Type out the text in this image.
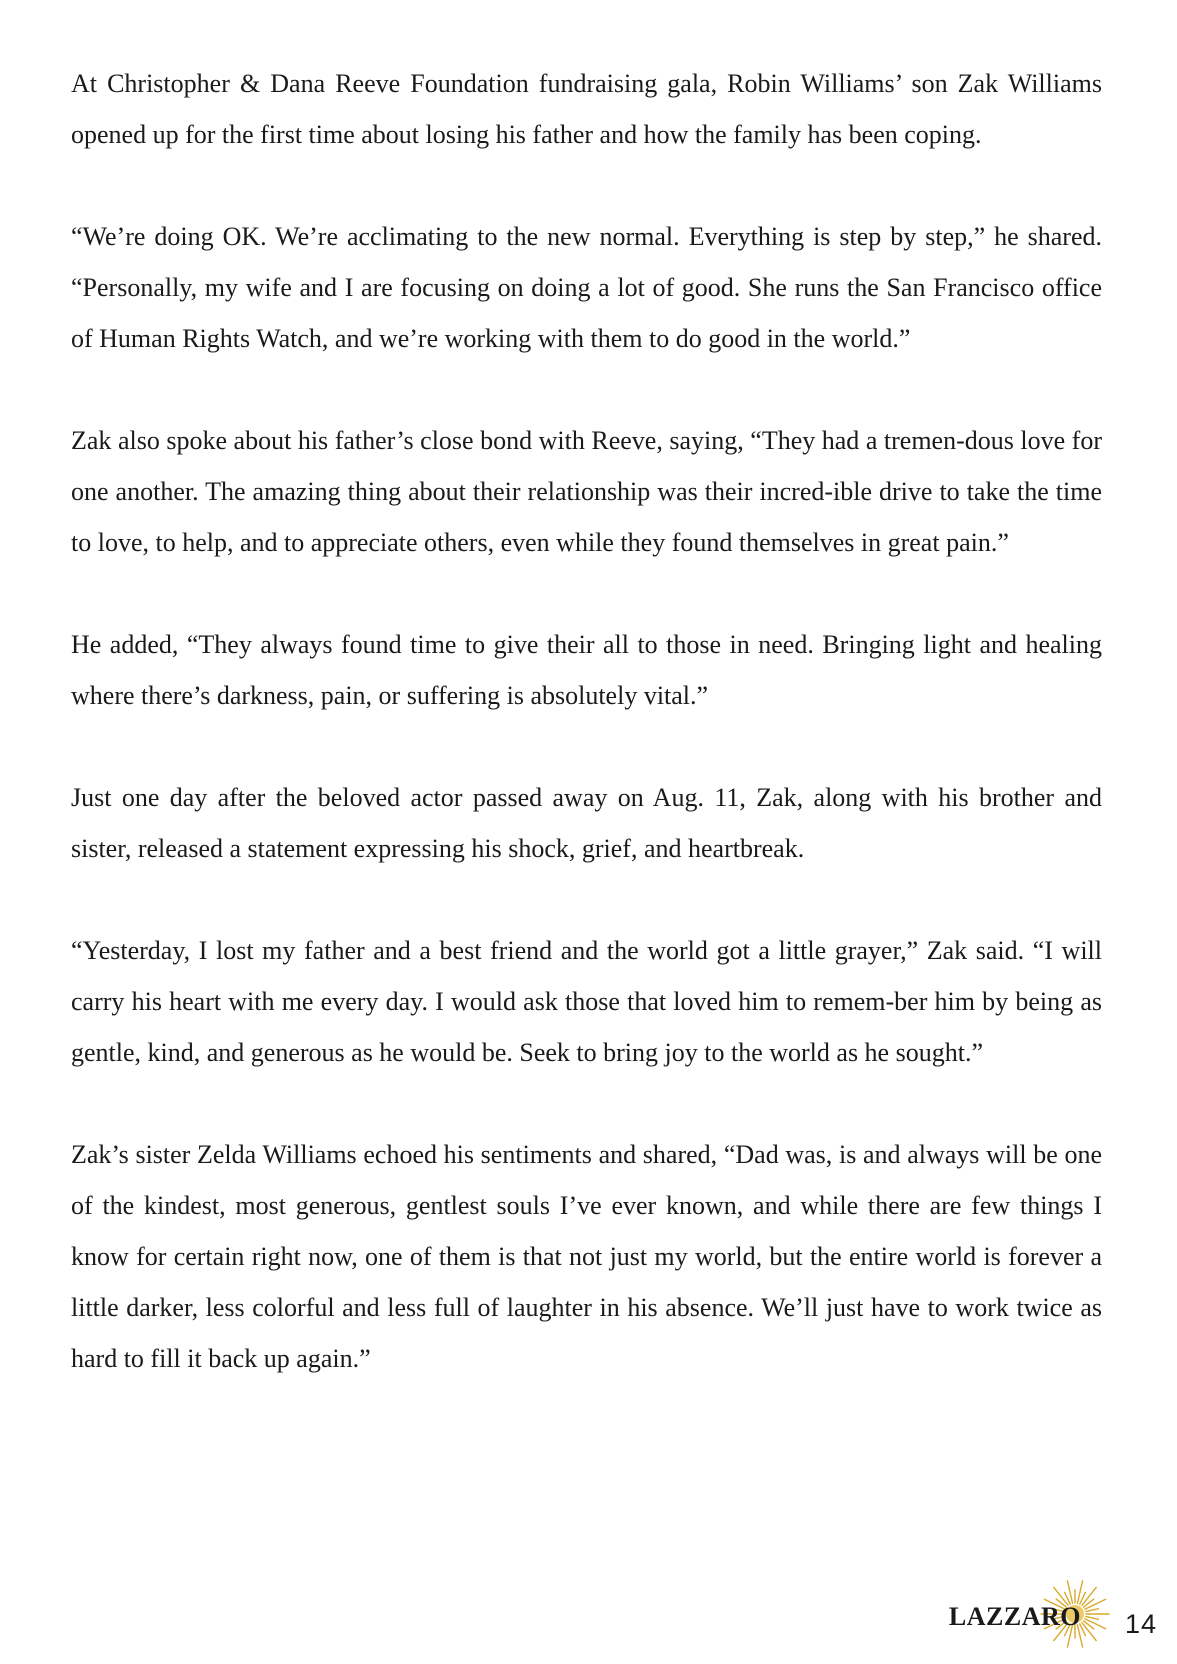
At Christopher & Dana Reeve Foundation fundraising gala, Robin Williams’ son Zak Williams opened up for the first time about losing his father and how the family has been coping.

“We’re doing OK. We’re acclimating to the new normal. Everything is step by step,” he shared. “Personally, my wife and I are focusing on doing a lot of good. She runs the San Francisco office of Human Rights Watch, and we’re working with them to do good in the world.”

Zak also spoke about his father’s close bond with Reeve, saying, “They had a tremen-dous love for one another. The amazing thing about their relationship was their incred-ible drive to take the time to love, to help, and to appreciate others, even while they found themselves in great pain.”

He added, “They always found time to give their all to those in need. Bringing light and healing where there’s darkness, pain, or suffering is absolutely vital.”

Just one day after the beloved actor passed away on Aug. 11, Zak, along with his brother and sister, released a statement expressing his shock, grief, and heartbreak.

“Yesterday, I lost my father and a best friend and the world got a little grayer,” Zak said. “I will carry his heart with me every day. I would ask those that loved him to remem-ber him by being as gentle, kind, and generous as he would be. Seek to bring joy to the world as he sought.”

Zak’s sister Zelda Williams echoed his sentiments and shared, “Dad was, is and always will be one of the kindest, most generous, gentlest souls I’ve ever known, and while there are few things I know for certain right now, one of them is that not just my world, but the entire world is forever a little darker, less colorful and less full of laughter in his absence. We’ll just have to work twice as hard to fill it back up again.”

LAZZARO 14
